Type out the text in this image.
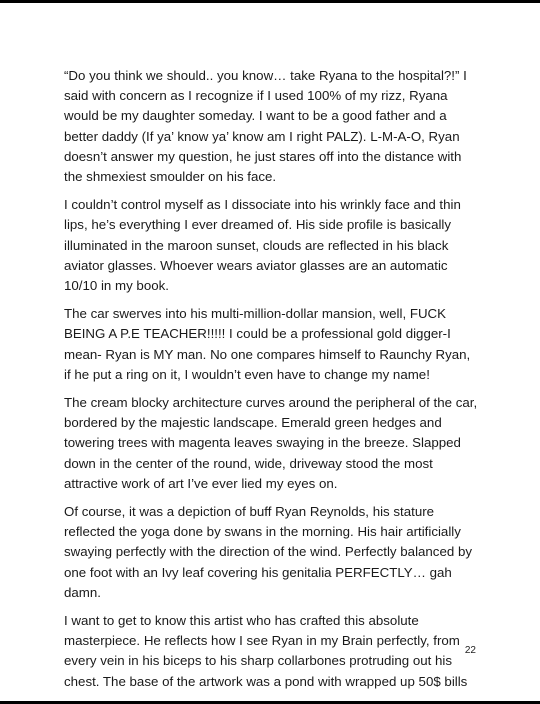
“Do you think we should.. you know… take Ryana to the hospital?!” I said with concern as I recognize if I used 100% of my rizz, Ryana would be my daughter someday. I want to be a good father and a better daddy (If ya’ know ya’ know am I right PALZ). L-M-A-O, Ryan doesn’t answer my question, he just stares off into the distance with the shmexiest smoulder on his face.

I couldn’t control myself as I dissociate into his wrinkly face and thin lips, he’s everything I ever dreamed of. His side profile is basically illuminated in the maroon sunset, clouds are reflected in his black aviator glasses. Whoever wears aviator glasses are an automatic 10/10 in my book.

The car swerves into his multi-million-dollar mansion, well, FUCK BEING A P.E TEACHER!!!!! I could be a professional gold digger-I mean- Ryan is MY man. No one compares himself to Raunchy Ryan, if he put a ring on it, I wouldn’t even have to change my name!

The cream blocky architecture curves around the peripheral of the car, bordered by the majestic landscape. Emerald green hedges and towering trees with magenta leaves swaying in the breeze. Slapped down in the center of the round, wide, driveway stood the most attractive work of art I’ve ever lied my eyes on.

Of course, it was a depiction of buff Ryan Reynolds, his stature reflected the yoga done by swans in the morning. His hair artificially swaying perfectly with the direction of the wind. Perfectly balanced by one foot with an Ivy leaf covering his genitalia PERFECTLY… gah damn.

I want to get to know this artist who has crafted this absolute masterpiece. He reflects how I see Ryan in my Brain perfectly, from every vein in his biceps to his sharp collarbones protruding out his chest. The base of the artwork was a pond with wrapped up 50$ bills

22
